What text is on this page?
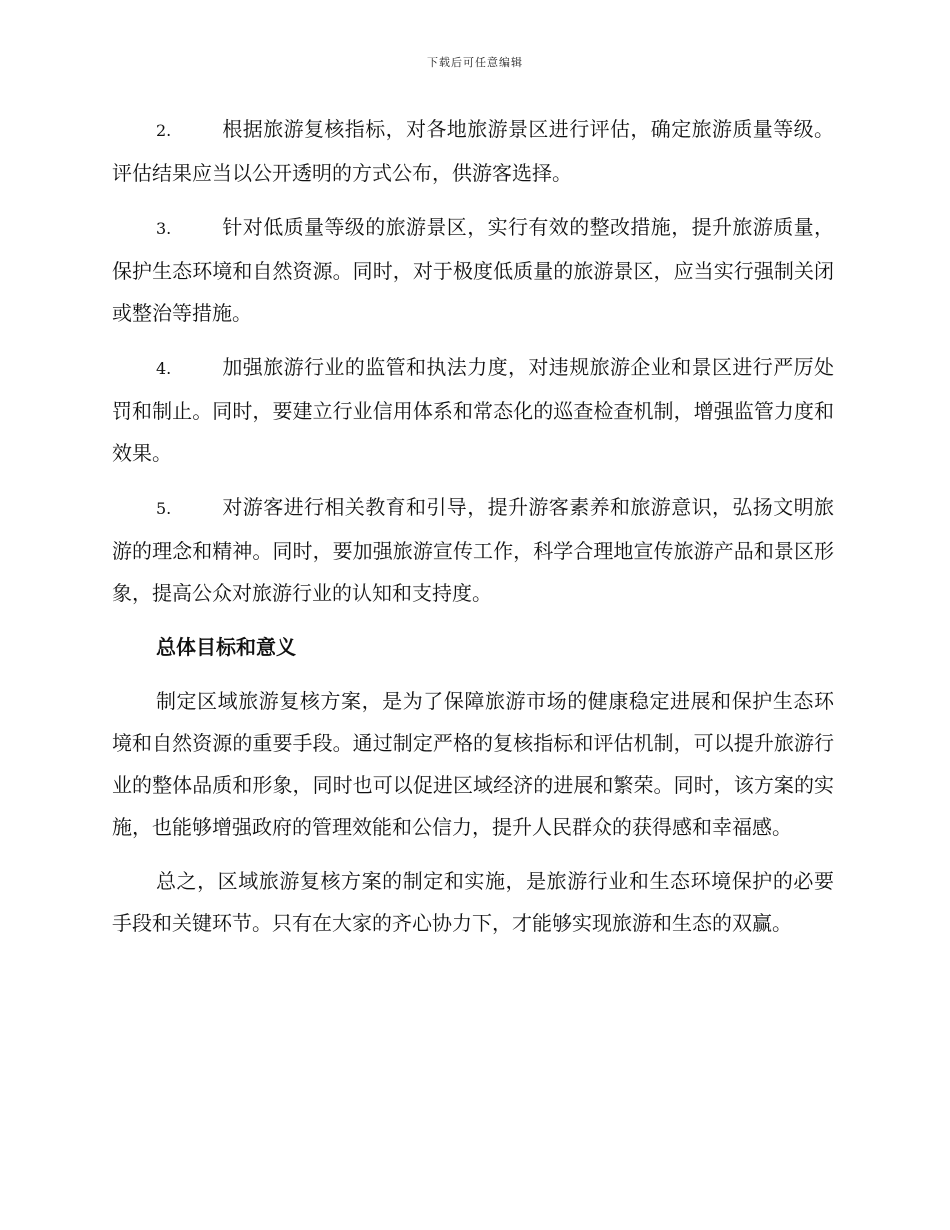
下载后可任意编辑

2.	根据旅游复核指标，对各地旅游景区进行评估，确定旅游质量等级。评估结果应当以公开透明的方式公布，供游客选择。

3.	针对低质量等级的旅游景区，实行有效的整改措施，提升旅游质量，保护生态环境和自然资源。同时，对于极度低质量的旅游景区，应当实行强制关闭或整治等措施。

4.	加强旅游行业的监管和执法力度，对违规旅游企业和景区进行严厉处罚和制止。同时，要建立行业信用体系和常态化的巡查检查机制，增强监管力度和效果。

5.	对游客进行相关教育和引导，提升游客素养和旅游意识，弘扬文明旅游的理念和精神。同时，要加强旅游宣传工作，科学合理地宣传旅游产品和景区形象，提高公众对旅游行业的认知和支持度。

总体目标和意义

制定区域旅游复核方案，是为了保障旅游市场的健康稳定进展和保护生态环境和自然资源的重要手段。通过制定严格的复核指标和评估机制，可以提升旅游行业的整体品质和形象，同时也可以促进区域经济的进展和繁荣。同时，该方案的实施，也能够增强政府的管理效能和公信力，提升人民群众的获得感和幸福感。

总之，区域旅游复核方案的制定和实施，是旅游行业和生态环境保护的必要手段和关键环节。只有在大家的齐心协力下，才能够实现旅游和生态的双赢。
